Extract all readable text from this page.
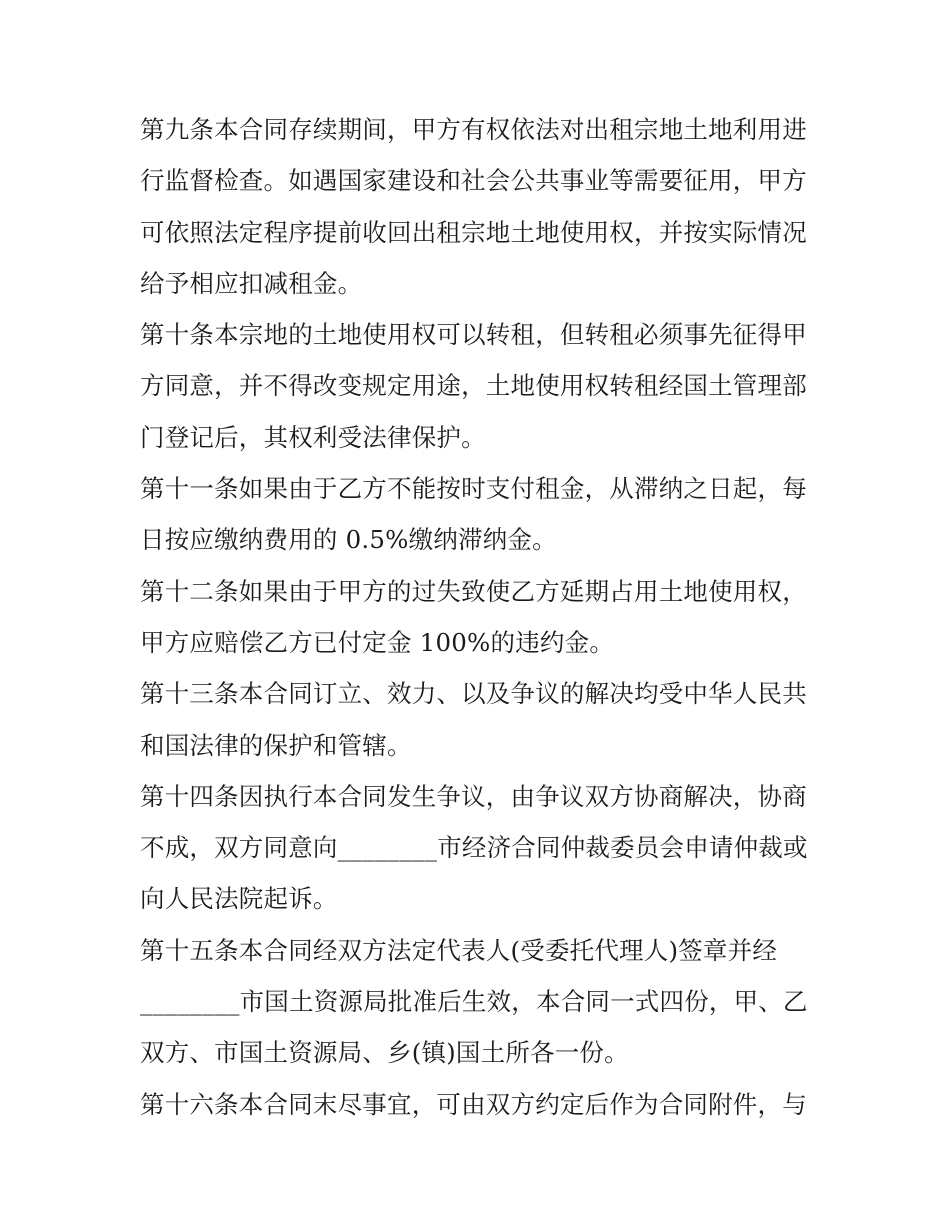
第九条本合同存续期间，甲方有权依法对出租宗地土地利用进
行监督检查。如遇国家建设和社会公共事业等需要征用，甲方
可依照法定程序提前收回出租宗地土地使用权，并按实际情况
给予相应扣减租金。
第十条本宗地的土地使用权可以转租，但转租必须事先征得甲
方同意，并不得改变规定用途，土地使用权转租经国土管理部
门登记后，其权利受法律保护。
第十一条如果由于乙方不能按时支付租金，从滞纳之日起，每
日按应缴纳费用的 0.5%缴纳滞纳金。
第十二条如果由于甲方的过失致使乙方延期占用土地使用权，
甲方应赔偿乙方已付定金 100%的违约金。
第十三条本合同订立、效力、以及争议的解决均受中华人民共
和国法律的保护和管辖。
第十四条因执行本合同发生争议，由争议双方协商解决，协商
不成，双方同意向________市经济合同仲裁委员会申请仲裁或
向人民法院起诉。
第十五条本合同经双方法定代表人(受委托代理人)签章并经
________市国土资源局批准后生效，本合同一式四份，甲、乙
双方、市国土资源局、乡(镇)国土所各一份。
第十六条本合同末尽事宜，可由双方约定后作为合同附件，与
